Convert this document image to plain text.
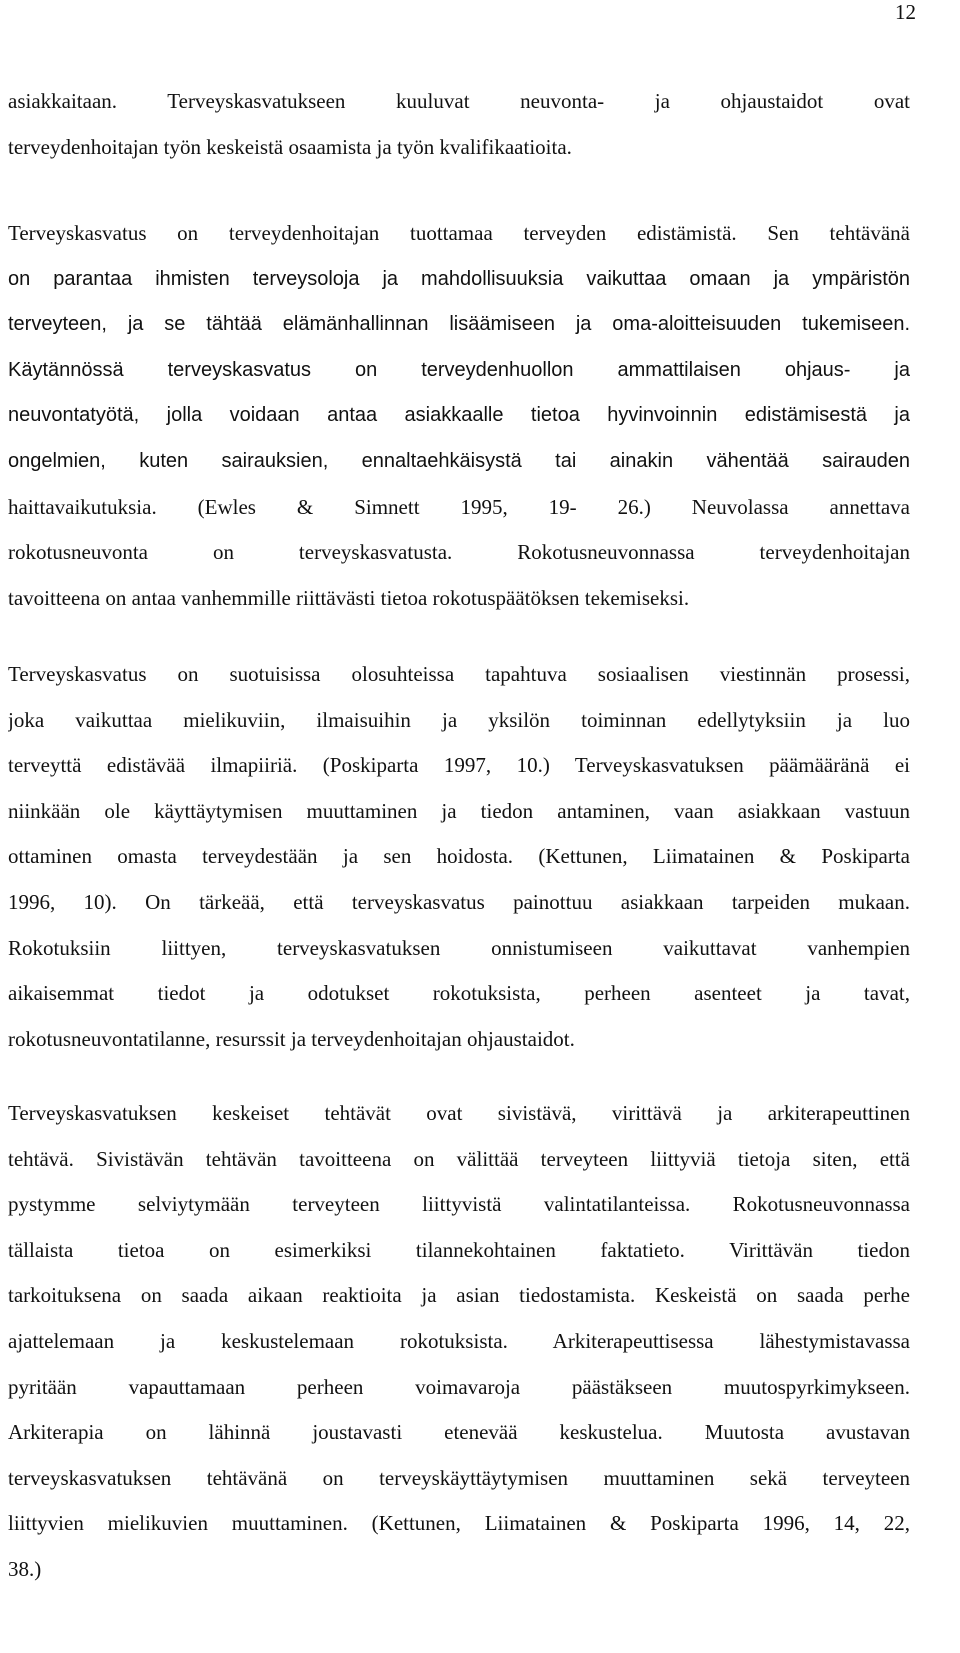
12
asiakkaitaan. Terveyskasvatukseen kuuluvat neuvonta- ja ohjaustaidot ovat
terveydenhoitajan työn keskeistä osaamista ja työn kvalifikaatioita.
Terveyskasvatus on terveydenhoitajan tuottamaa terveyden edistämistä. Sen tehtävänä
on parantaa ihmisten terveysoloja ja mahdollisuuksia vaikuttaa omaan ja ympäristön
terveyteen, ja se tähtää elämänhallinnan lisäämiseen ja oma-aloitteisuuden tukemiseen.
Käytännössä terveyskasvatus on terveydenhuollon ammattilaisen ohjaus- ja
neuvontatyötä, jolla voidaan antaa asiakkaalle tietoa hyvinvoinnin edistämisestä ja
ongelmien, kuten sairauksien, ennaltaehkäisystä tai ainakin vähentää sairauden
haittavaikutuksia. (Ewles & Simnett 1995, 19- 26.) Neuvolassa annettava
rokotusneuvonta on terveyskasvatusta. Rokotusneuvonnassa terveydenhoitajan
tavoitteena on antaa vanhemmille riittävästi tietoa rokotuspäätöksen tekemiseksi.
Terveyskasvatus on suotuisissa olosuhteissa tapahtuva sosiaalisen viestinnän prosessi,
joka vaikuttaa mielikuviin, ilmaisuihin ja yksilön toiminnan edellytyksiin ja luo
terveyttä edistävää ilmapiiriä. (Poskiparta 1997, 10.) Terveyskasvatuksen päämääränä ei
niinkään ole käyttäytymisen muuttaminen ja tiedon antaminen, vaan asiakkaan vastuun
ottaminen omasta terveydestään ja sen hoidosta. (Kettunen, Liimatainen & Poskiparta
1996, 10). On tärkeää, että terveyskasvatus painottuu asiakkaan tarpeiden mukaan.
Rokotuksiin liittyen, terveyskasvatuksen onnistumiseen vaikuttavat vanhempien
aikaisemmat tiedot ja odotukset rokotuksista, perheen asenteet ja tavat,
rokotusneuvontatilanne, resurssit ja terveydenhoitajan ohjaustaidot.
Terveyskasvatuksen keskeiset tehtävät ovat sivistävä, virittävä ja arkiterapeuttinen
tehtävä. Sivistävän tehtävän tavoitteena on välittää terveyteen liittyviä tietoja siten, että
pystymme selviytymään terveyteen liittyvistä valintatilanteissa. Rokotusneuvonnassa
tällaista tietoa on esimerkiksi tilannekohtainen faktatieto. Virittävän tiedon
tarkoituksena on saada aikaan reaktioita ja asian tiedostamista. Keskeistä on saada perhe
ajattelemaan ja keskustelemaan rokotuksista. Arkiterapeuttisessa lähestymistavassa
pyritään vapauttamaan perheen voimavaroja päästäkseen muutospyrkimykseen.
Arkiterapia on lähinnä joustavasti etenevää keskustelua. Muutosta avustavan
terveyskasvatuksen tehtävänä on terveyskäyttäytymisen muuttaminen sekä terveyteen
liittyvien mielikuvien muuttaminen. (Kettunen, Liimatainen & Poskiparta 1996, 14, 22,
38.)
